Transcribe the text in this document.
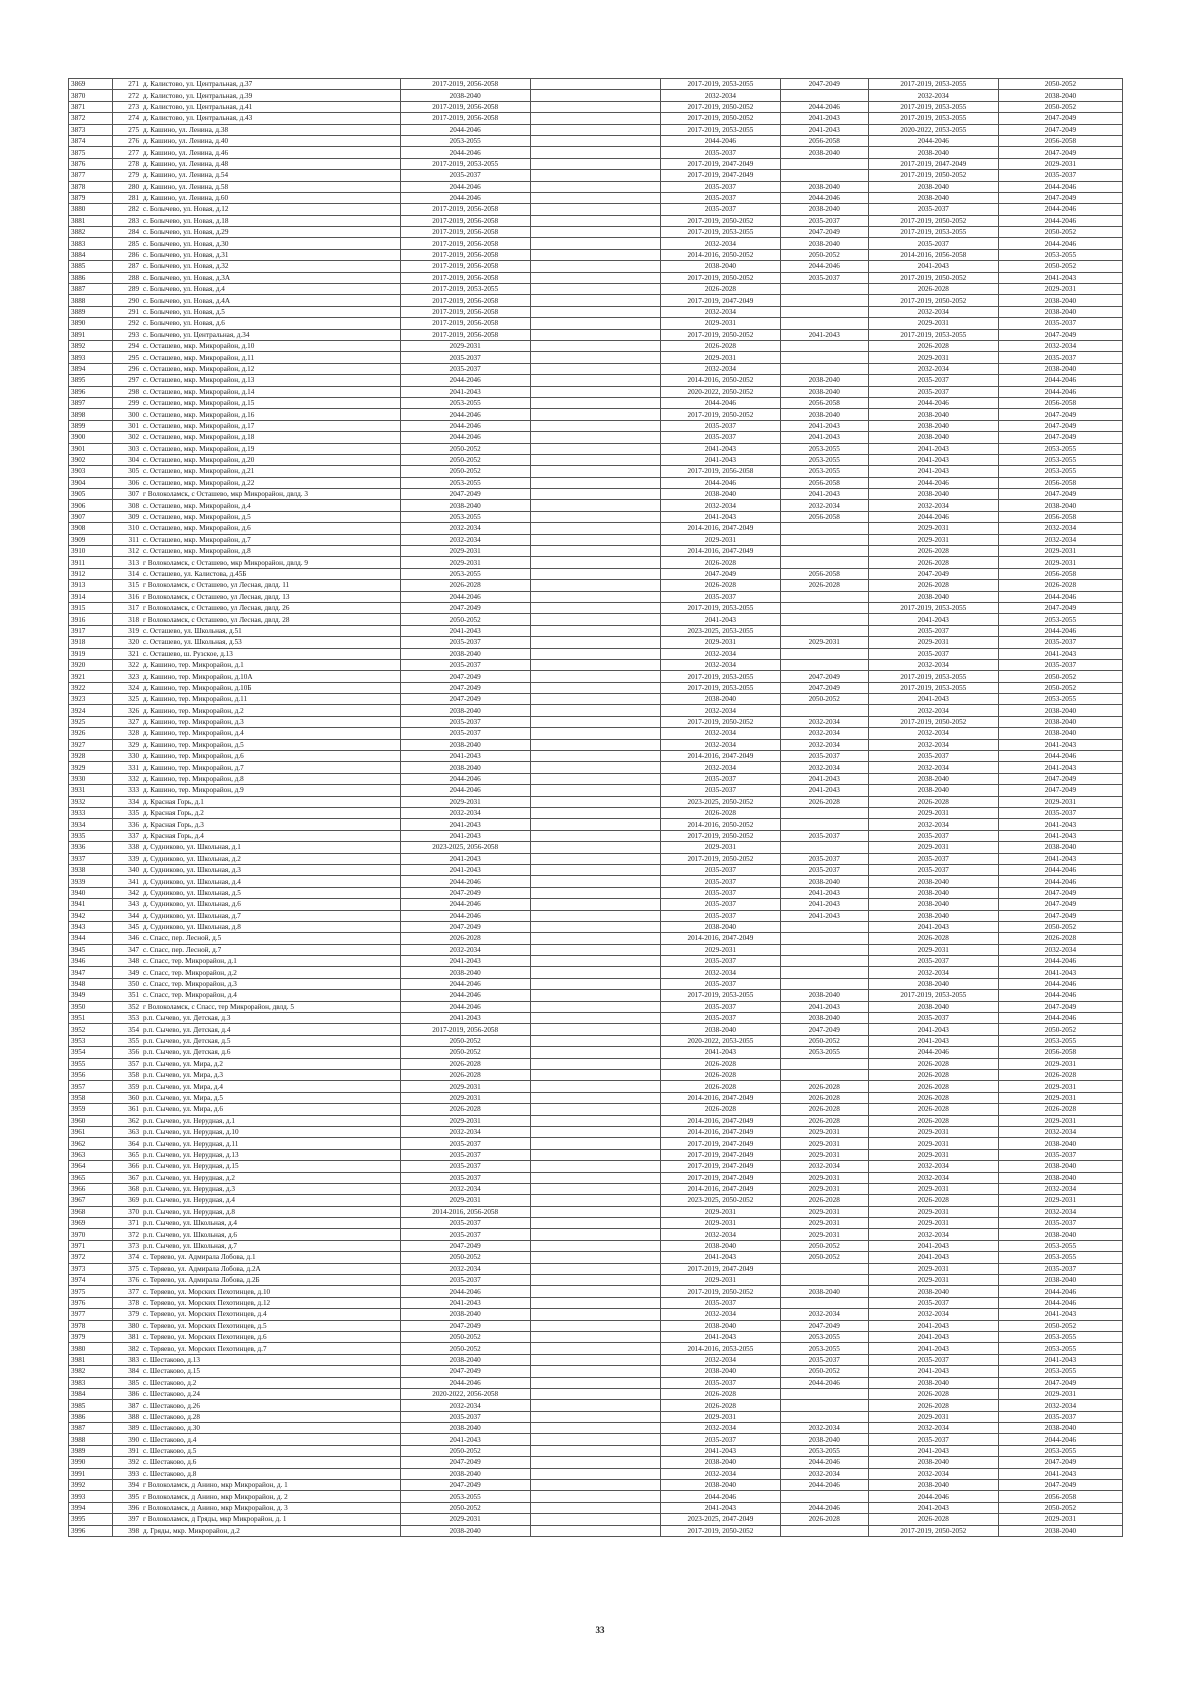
3869	271	д. Калистово, ул. Центральная, д.37	2017-2019, 2056-2058		2017-2019, 2053-2055	2047-2049	2017-2019, 2053-2055	2050-2052
3870	272	д. Калистово, ул. Центральная, д.39	2038-2040		2032-2034		2032-2034	2038-2040
3871	273	д. Калистово, ул. Центральная, д.41	2017-2019, 2056-2058		2017-2019, 2050-2052	2044-2046	2017-2019, 2053-2055	2050-2052
3872	274	д. Калистово, ул. Центральная, д.43	2017-2019, 2056-2058		2017-2019, 2050-2052	2041-2043	2017-2019, 2053-2055	2047-2049
3873	275	д. Кашино, ул. Ленина, д.38	2044-2046		2017-2019, 2053-2055	2041-2043	2020-2022, 2053-2055	2047-2049
3874	276	д. Кашино, ул. Ленина, д.40	2053-2055		2044-2046	2056-2058	2044-2046	2056-2058
3875	277	д. Кашино, ул. Ленина, д.46	2044-2046		2035-2037	2038-2040	2038-2040	2047-2049
3876	278	д. Кашино, ул. Ленина, д.48	2017-2019, 2053-2055		2017-2019, 2047-2049		2017-2019, 2047-2049	2029-2031
3877	279	д. Кашино, ул. Ленина, д.54	2035-2037		2017-2019, 2047-2049		2017-2019, 2050-2052	2035-2037
3878	280	д. Кашино, ул. Ленина, д.58	2044-2046		2035-2037	2038-2040	2038-2040	2044-2046
3879	281	д. Кашино, ул. Ленина, д.60	2044-2046		2035-2037	2044-2046	2038-2040	2047-2049
3880	282	с. Болычево, ул. Новая, д.12	2017-2019, 2056-2058		2035-2037	2038-2040	2035-2037	2044-2046
3881	283	с. Болычево, ул. Новая, д.18	2017-2019, 2056-2058		2017-2019, 2050-2052	2035-2037	2017-2019, 2050-2052	2044-2046
3882	284	с. Болычево, ул. Новая, д.29	2017-2019, 2056-2058		2017-2019, 2053-2055	2047-2049	2017-2019, 2053-2055	2050-2052
3883	285	с. Болычево, ул. Новая, д.30	2017-2019, 2056-2058		2032-2034	2038-2040	2035-2037	2044-2046
3884	286	с. Болычево, ул. Новая, д.31	2017-2019, 2056-2058		2014-2016, 2050-2052	2050-2052	2014-2016, 2056-2058	2053-2055
3885	287	с. Болычево, ул. Новая, д.32	2017-2019, 2056-2058		2038-2040	2044-2046	2041-2043	2050-2052
3886	288	с. Болычево, ул. Новая, д.3А	2017-2019, 2056-2058		2017-2019, 2050-2052	2035-2037	2017-2019, 2050-2052	2041-2043
3887	289	с. Болычево, ул. Новая, д.4	2017-2019, 2053-2055		2026-2028		2026-2028	2029-2031
3888	290	с. Болычево, ул. Новая, д.4А	2017-2019, 2056-2058		2017-2019, 2047-2049		2017-2019, 2050-2052	2038-2040
3889	291	с. Болычево, ул. Новая, д.5	2017-2019, 2056-2058		2032-2034		2032-2034	2038-2040
3890	292	с. Болычево, ул. Новая, д.6	2017-2019, 2056-2058		2029-2031		2029-2031	2035-2037
3891	293	с. Болычево, ул. Центральная, д.34	2017-2019, 2056-2058		2017-2019, 2050-2052	2041-2043	2017-2019, 2053-2055	2047-2049
3892	294	с. Осташево, мкр. Микрорайон, д.10	2029-2031		2026-2028		2026-2028	2032-2034
3893	295	с. Осташево, мкр. Микрорайон, д.11	2035-2037		2029-2031		2029-2031	2035-2037
3894	296	с. Осташево, мкр. Микрорайон, д.12	2035-2037		2032-2034		2032-2034	2038-2040
3895	297	с. Осташево, мкр. Микрорайон, д.13	2044-2046		2014-2016, 2050-2052	2038-2040	2035-2037	2044-2046
3896	298	с. Осташево, мкр. Микрорайон, д.14	2041-2043		2020-2022, 2050-2052	2038-2040	2035-2037	2044-2046
3897	299	с. Осташево, мкр. Микрорайон, д.15	2053-2055		2044-2046	2056-2058	2044-2046	2056-2058
3898	300	с. Осташево, мкр. Микрорайон, д.16	2044-2046		2017-2019, 2050-2052	2038-2040	2038-2040	2047-2049
3899	301	с. Осташево, мкр. Микрорайон, д.17	2044-2046		2035-2037	2041-2043	2038-2040	2047-2049
3900	302	с. Осташево, мкр. Микрорайон, д.18	2044-2046		2035-2037	2041-2043	2038-2040	2047-2049
3901	303	с. Осташево, мкр. Микрорайон, д.19	2050-2052		2041-2043	2053-2055	2041-2043	2053-2055
3902	304	с. Осташево, мкр. Микрорайон, д.20	2050-2052		2041-2043	2053-2055	2041-2043	2053-2055
3903	305	с. Осташево, мкр. Микрорайон, д.21	2050-2052		2017-2019, 2056-2058	2053-2055	2041-2043	2053-2055
3904	306	с. Осташево, мкр. Микрорайон, д.22	2053-2055		2044-2046	2056-2058	2044-2046	2056-2058
3905	307	г Волоколамск, с Осташево, мкр Микрорайон, двлд. 3	2047-2049		2038-2040	2041-2043	2038-2040	2047-2049
3906	308	с. Осташево, мкр. Микрорайон, д.4	2038-2040		2032-2034	2032-2034	2032-2034	2038-2040
3907	309	с. Осташево, мкр. Микрорайон, д.5	2053-2055		2041-2043	2056-2058	2044-2046	2056-2058
3908	310	с. Осташево, мкр. Микрорайон, д.6	2032-2034		2014-2016, 2047-2049		2029-2031	2032-2034
3909	311	с. Осташево, мкр. Микрорайон, д.7	2032-2034		2029-2031		2029-2031	2032-2034
3910	312	с. Осташево, мкр. Микрорайон, д.8	2029-2031		2014-2016, 2047-2049		2026-2028	2029-2031
3911	313	г Волоколамск, с Осташево, мкр Микрорайон, двлд. 9	2029-2031		2026-2028		2026-2028	2029-2031
3912	314	с. Осташево, ул. Калистова, д.45Б	2053-2055		2047-2049	2056-2058	2047-2049	2056-2058
3913	315	г Волоколамск, с Осташево, ул Лесная, двлд. 11	2026-2028		2026-2028	2026-2028	2026-2028	2026-2028
3914	316	г Волоколамск, с Осташево, ул Лесная, двлд. 13	2044-2046		2035-2037		2038-2040	2044-2046
3915	317	г Волоколамск, с Осташево, ул Лесная, двлд. 26	2047-2049		2017-2019, 2053-2055		2017-2019, 2053-2055	2047-2049
3916	318	г Волоколамск, с Осташево, ул Лесная, двлд. 28	2050-2052		2041-2043		2041-2043	2053-2055
3917	319	с. Осташево, ул. Школьная, д.51	2041-2043		2023-2025, 2053-2055		2035-2037	2044-2046
3918	320	с. Осташево, ул. Школьная, д.53	2035-2037		2029-2031	2029-2031	2029-2031	2035-2037
3919	321	с. Осташево, ш. Рузское, д.13	2038-2040		2032-2034		2035-2037	2041-2043
3920	322	д. Кашино, тер. Микрорайон, д.1	2035-2037		2032-2034		2032-2034	2035-2037
3921	323	д. Кашино, тер. Микрорайон, д.10А	2047-2049		2017-2019, 2053-2055	2047-2049	2017-2019, 2053-2055	2050-2052
3922	324	д. Кашино, тер. Микрорайон, д.10Б	2047-2049		2017-2019, 2053-2055	2047-2049	2017-2019, 2053-2055	2050-2052
3923	325	д. Кашино, тер. Микрорайон, д.11	2047-2049		2038-2040	2050-2052	2041-2043	2053-2055
3924	326	д. Кашино, тер. Микрорайон, д.2	2038-2040		2032-2034		2032-2034	2038-2040
3925	327	д. Кашино, тер. Микрорайон, д.3	2035-2037		2017-2019, 2050-2052	2032-2034	2017-2019, 2050-2052	2038-2040
3926	328	д. Кашино, тер. Микрорайон, д.4	2035-2037		2032-2034	2032-2034	2032-2034	2038-2040
3927	329	д. Кашино, тер. Микрорайон, д.5	2038-2040		2032-2034	2032-2034	2032-2034	2041-2043
3928	330	д. Кашино, тер. Микрорайон, д.6	2041-2043		2014-2016, 2047-2049	2035-2037	2035-2037	2044-2046
3929	331	д. Кашино, тер. Микрорайон, д.7	2038-2040		2032-2034	2032-2034	2032-2034	2041-2043
3930	332	д. Кашино, тер. Микрорайон, д.8	2044-2046		2035-2037	2041-2043	2038-2040	2047-2049
3931	333	д. Кашино, тер. Микрорайон, д.9	2044-2046		2035-2037	2041-2043	2038-2040	2047-2049
3932	334	д. Красная Горь, д.1	2029-2031		2023-2025, 2050-2052	2026-2028	2026-2028	2029-2031
3933	335	д. Красная Горь, д.2	2032-2034		2026-2028		2029-2031	2035-2037
3934	336	д. Красная Горь, д.3	2041-2043		2014-2016, 2050-2052		2032-2034	2041-2043
3935	337	д. Красная Горь, д.4	2041-2043		2017-2019, 2050-2052	2035-2037	2035-2037	2041-2043
3936	338	д. Судниково, ул. Школьная, д.1	2023-2025, 2056-2058		2029-2031		2029-2031	2038-2040
3937	339	д. Судниково, ул. Школьная, д.2	2041-2043		2017-2019, 2050-2052	2035-2037	2035-2037	2041-2043
3938	340	д. Судниково, ул. Школьная, д.3	2041-2043		2035-2037	2035-2037	2035-2037	2044-2046
3939	341	д. Судниково, ул. Школьная, д.4	2044-2046		2035-2037	2038-2040	2038-2040	2044-2046
3940	342	д. Судниково, ул. Школьная, д.5	2047-2049		2035-2037	2041-2043	2038-2040	2047-2049
3941	343	д. Судниково, ул. Школьная, д.6	2044-2046		2035-2037	2041-2043	2038-2040	2047-2049
3942	344	д. Судниково, ул. Школьная, д.7	2044-2046		2035-2037	2041-2043	2038-2040	2047-2049
3943	345	д. Судниково, ул. Школьная, д.8	2047-2049		2038-2040		2041-2043	2050-2052
3944	346	с. Спасс, пер. Лесной, д.5	2026-2028		2014-2016, 2047-2049		2026-2028	2026-2028
3945	347	с. Спасс, пер. Лесной, д.7	2032-2034		2029-2031		2029-2031	2032-2034
3946	348	с. Спасс, тер. Микрорайон, д.1	2041-2043		2035-2037		2035-2037	2044-2046
3947	349	с. Спасс, тер. Микрорайон, д.2	2038-2040		2032-2034		2032-2034	2041-2043
3948	350	с. Спасс, тер. Микрорайон, д.3	2044-2046		2035-2037		2038-2040	2044-2046
3949	351	с. Спасс, тер. Микрорайон, д.4	2044-2046		2017-2019, 2053-2055	2038-2040	2017-2019, 2053-2055	2044-2046
3950	352	г Волоколамск, с Спасс, тер Микрорайон, двлд. 5	2044-2046		2035-2037	2041-2043	2038-2040	2047-2049
3951	353	р.п. Сычево, ул. Детская, д.3	2041-2043		2035-2037	2038-2040	2035-2037	2044-2046
3952	354	р.п. Сычево, ул. Детская, д.4	2017-2019, 2056-2058		2038-2040	2047-2049	2041-2043	2050-2052
3953	355	р.п. Сычево, ул. Детская, д.5	2050-2052		2020-2022, 2053-2055	2050-2052	2041-2043	2053-2055
3954	356	р.п. Сычево, ул. Детская, д.6	2050-2052		2041-2043	2053-2055	2044-2046	2056-2058
3955	357	р.п. Сычево, ул. Мира, д.2	2026-2028		2026-2028		2026-2028	2029-2031
3956	358	р.п. Сычево, ул. Мира, д.3	2026-2028		2026-2028		2026-2028	2026-2028
3957	359	р.п. Сычево, ул. Мира, д.4	2029-2031		2026-2028	2026-2028	2026-2028	2029-2031
3958	360	р.п. Сычево, ул. Мира, д.5	2029-2031		2014-2016, 2047-2049	2026-2028	2026-2028	2029-2031
3959	361	р.п. Сычево, ул. Мира, д.6	2026-2028		2026-2028	2026-2028	2026-2028	2026-2028
3960	362	р.п. Сычево, ул. Нерудная, д.1	2029-2031		2014-2016, 2047-2049	2026-2028	2026-2028	2029-2031
3961	363	р.п. Сычево, ул. Нерудная, д.10	2032-2034		2014-2016, 2047-2049	2029-2031	2029-2031	2032-2034
3962	364	р.п. Сычево, ул. Нерудная, д.11	2035-2037		2017-2019, 2047-2049	2029-2031	2029-2031	2038-2040
3963	365	р.п. Сычево, ул. Нерудная, д.13	2035-2037		2017-2019, 2047-2049	2029-2031	2029-2031	2035-2037
3964	366	р.п. Сычево, ул. Нерудная, д.15	2035-2037		2017-2019, 2047-2049	2032-2034	2032-2034	2038-2040
3965	367	р.п. Сычево, ул. Нерудная, д.2	2035-2037		2017-2019, 2047-2049	2029-2031	2032-2034	2038-2040
3966	368	р.п. Сычево, ул. Нерудная, д.3	2032-2034		2014-2016, 2047-2049	2029-2031	2029-2031	2032-2034
3967	369	р.п. Сычево, ул. Нерудная, д.4	2029-2031		2023-2025, 2050-2052	2026-2028	2026-2028	2029-2031
3968	370	р.п. Сычево, ул. Нерудная, д.8	2014-2016, 2056-2058		2029-2031	2029-2031	2029-2031	2032-2034
3969	371	р.п. Сычево, ул. Школьная, д.4	2035-2037		2029-2031	2029-2031	2029-2031	2035-2037
3970	372	р.п. Сычево, ул. Школьная, д.6	2035-2037		2032-2034	2029-2031	2032-2034	2038-2040
3971	373	р.п. Сычево, ул. Школьная, д.7	2047-2049		2038-2040	2050-2052	2041-2043	2053-2055
3972	374	с. Теряево, ул. Адмирала Лобова, д.1	2050-2052		2041-2043	2050-2052	2041-2043	2053-2055
3973	375	с. Теряево, ул. Адмирала Лобова, д.2А	2032-2034		2017-2019, 2047-2049		2029-2031	2035-2037
3974	376	с. Теряево, ул. Адмирала Лобова, д.2Б	2035-2037		2029-2031		2029-2031	2038-2040
3975	377	с. Теряево, ул. Морских Пехотинцев, д.10	2044-2046		2017-2019, 2050-2052	2038-2040	2038-2040	2044-2046
3976	378	с. Теряево, ул. Морских Пехотинцев, д.12	2041-2043		2035-2037		2035-2037	2044-2046
3977	379	с. Теряево, ул. Морских Пехотинцев, д.4	2038-2040		2032-2034	2032-2034	2032-2034	2041-2043
3978	380	с. Теряево, ул. Морских Пехотинцев, д.5	2047-2049		2038-2040	2047-2049	2041-2043	2050-2052
3979	381	с. Теряево, ул. Морских Пехотинцев, д.6	2050-2052		2041-2043	2053-2055	2041-2043	2053-2055
3980	382	с. Теряево, ул. Морских Пехотинцев, д.7	2050-2052		2014-2016, 2053-2055	2053-2055	2041-2043	2053-2055
3981	383	с. Шестаково, д.13	2038-2040		2032-2034	2035-2037	2035-2037	2041-2043
3982	384	с. Шестаково, д.15	2047-2049		2038-2040	2050-2052	2041-2043	2053-2055
3983	385	с. Шестаково, д.2	2044-2046		2035-2037	2044-2046	2038-2040	2047-2049
3984	386	с. Шестаково, д.24	2020-2022, 2056-2058		2026-2028		2026-2028	2029-2031
3985	387	с. Шестаково, д.26	2032-2034		2026-2028		2026-2028	2032-2034
3986	388	с. Шестаково, д.28	2035-2037		2029-2031		2029-2031	2035-2037
3987	389	с. Шестаково, д.30	2038-2040		2032-2034	2032-2034	2032-2034	2038-2040
3988	390	с. Шестаково, д.4	2041-2043		2035-2037	2038-2040	2035-2037	2044-2046
3989	391	с. Шестаково, д.5	2050-2052		2041-2043	2053-2055	2041-2043	2053-2055
3990	392	с. Шестаково, д.6	2047-2049		2038-2040	2044-2046	2038-2040	2047-2049
3991	393	с. Шестаково, д.8	2038-2040		2032-2034	2032-2034	2032-2034	2041-2043
3992	394	г Волоколамск, д Анино, мкр Микрорайон, д. 1	2047-2049		2038-2040	2044-2046	2038-2040	2047-2049
3993	395	г Волоколамск, д Анино, мкр Микрорайон, д. 2	2053-2055		2044-2046		2044-2046	2056-2058
3994	396	г Волоколамск, д Анино, мкр Микрорайон, д. 3	2050-2052		2041-2043	2044-2046	2041-2043	2050-2052
3995	397	г Волоколамск, д Гряды, мкр Микрорайон, д. 1	2029-2031		2023-2025, 2047-2049	2026-2028	2026-2028	2029-2031
3996	398	д. Гряды, мкр. Микрорайон, д.2	2038-2040		2017-2019, 2050-2052		2017-2019, 2050-2052	2038-2040
33
